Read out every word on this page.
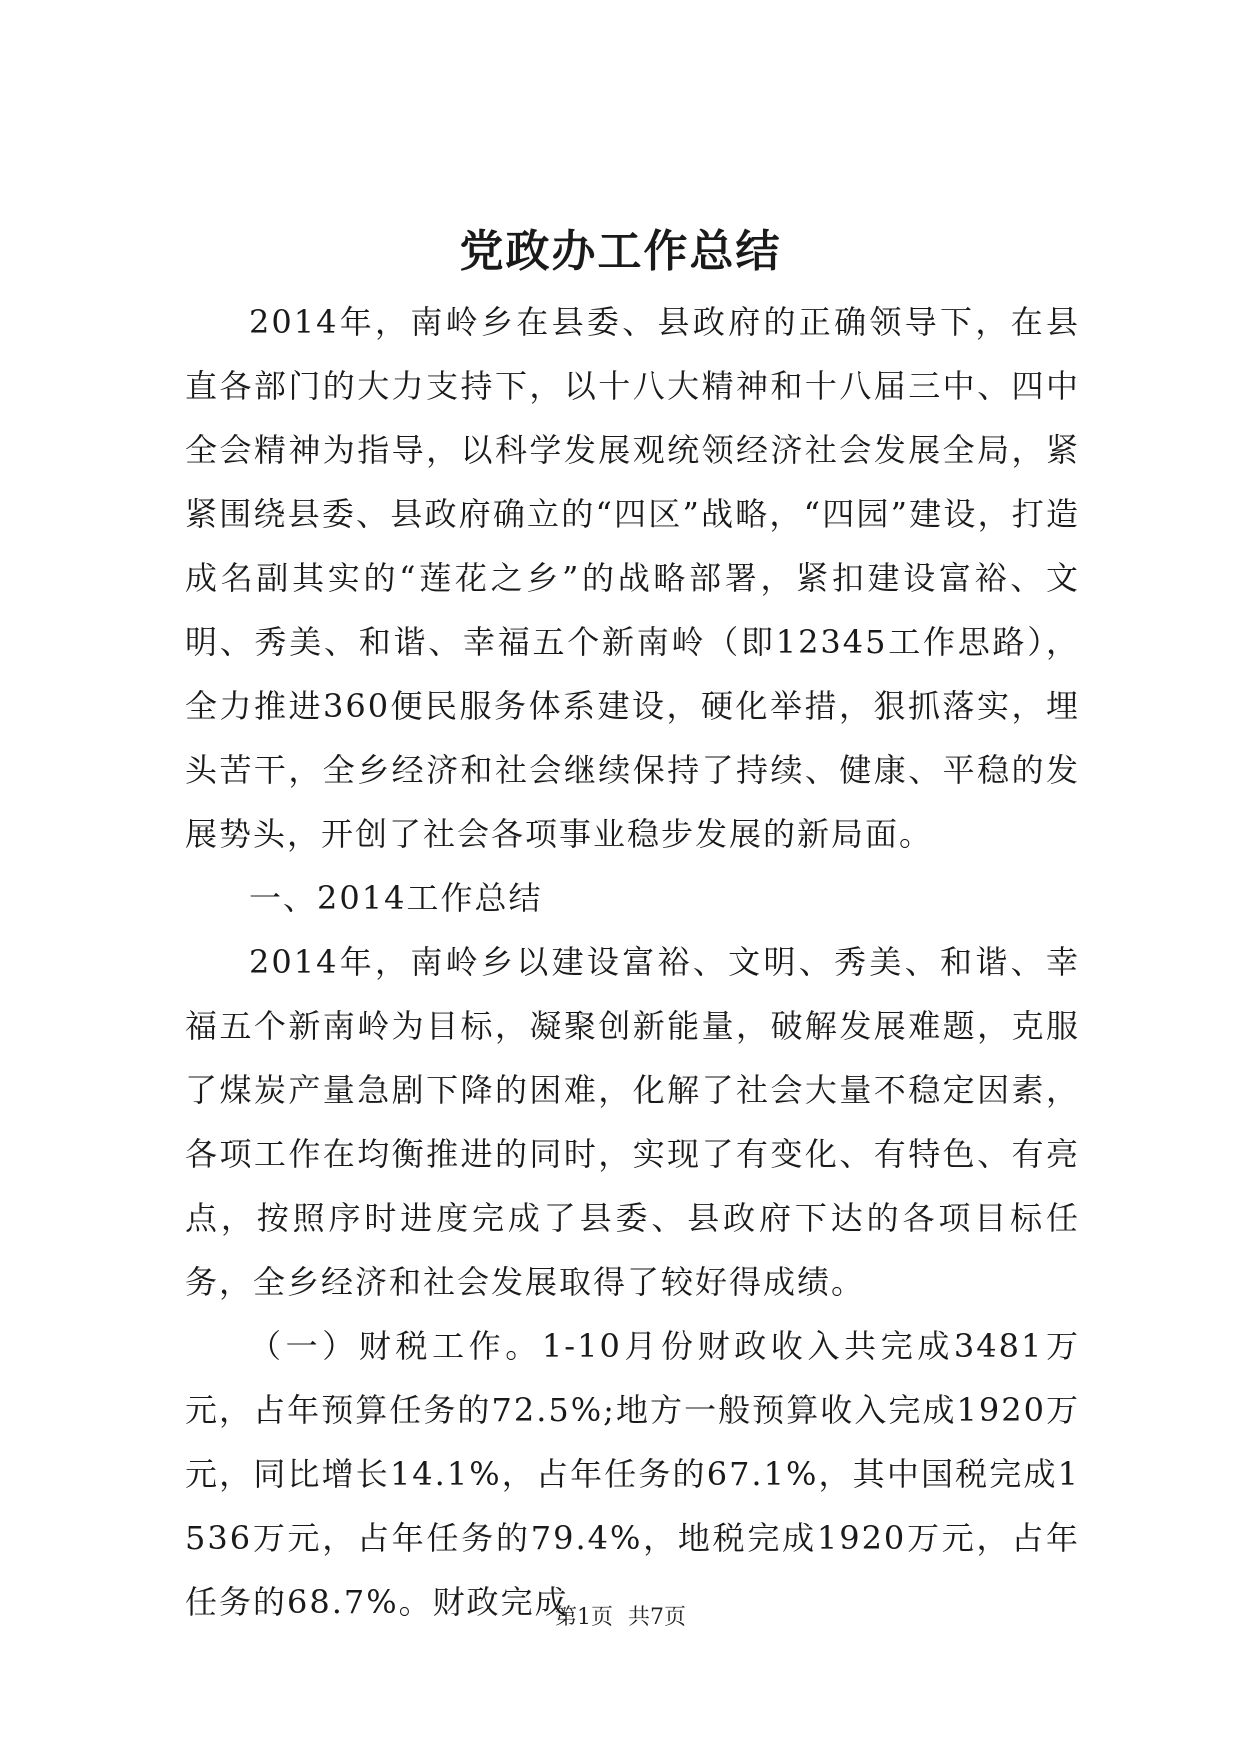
党政办工作总结

2014年，南岭乡在县委、县政府的正确领导下，在县直各部门的大力支持下，以十八大精神和十八届三中、四中全会精神为指导，以科学发展观统领经济社会发展全局，紧紧围绕县委、县政府确立的“四区”战略，“四园”建设，打造成名副其实的“莲花之乡”的战略部署，紧扣建设富裕、文明、秀美、和谐、幸福五个新南岭（即12345工作思路），全力推进360便民服务体系建设，硬化举措，狠抓落实，埋头苦干，全乡经济和社会继续保持了持续、健康、平稳的发展势头，开创了社会各项事业稳步发展的新局面。

一、2014工作总结

2014年，南岭乡以建设富裕、文明、秀美、和谐、幸福五个新南岭为目标，凝聚创新能量，破解发展难题，克服了煤炭产量急剧下降的困难，化解了社会大量不稳定因素，各项工作在均衡推进的同时，实现了有变化、有特色、有亮点，按照序时进度完成了县委、县政府下达的各项目标任务，全乡经济和社会发展取得了较好得成绩。

（一）财税工作。1-10月份财政收入共完成3481万元，占年预算任务的72.5%;地方一般预算收入完成1920万元，同比增长14.1%，占年任务的67.1%，其中国税完成1536万元，占年任务的79.4%，地税完成1920万元，占年任务的68.7%。财政完成

第1页 共7页
